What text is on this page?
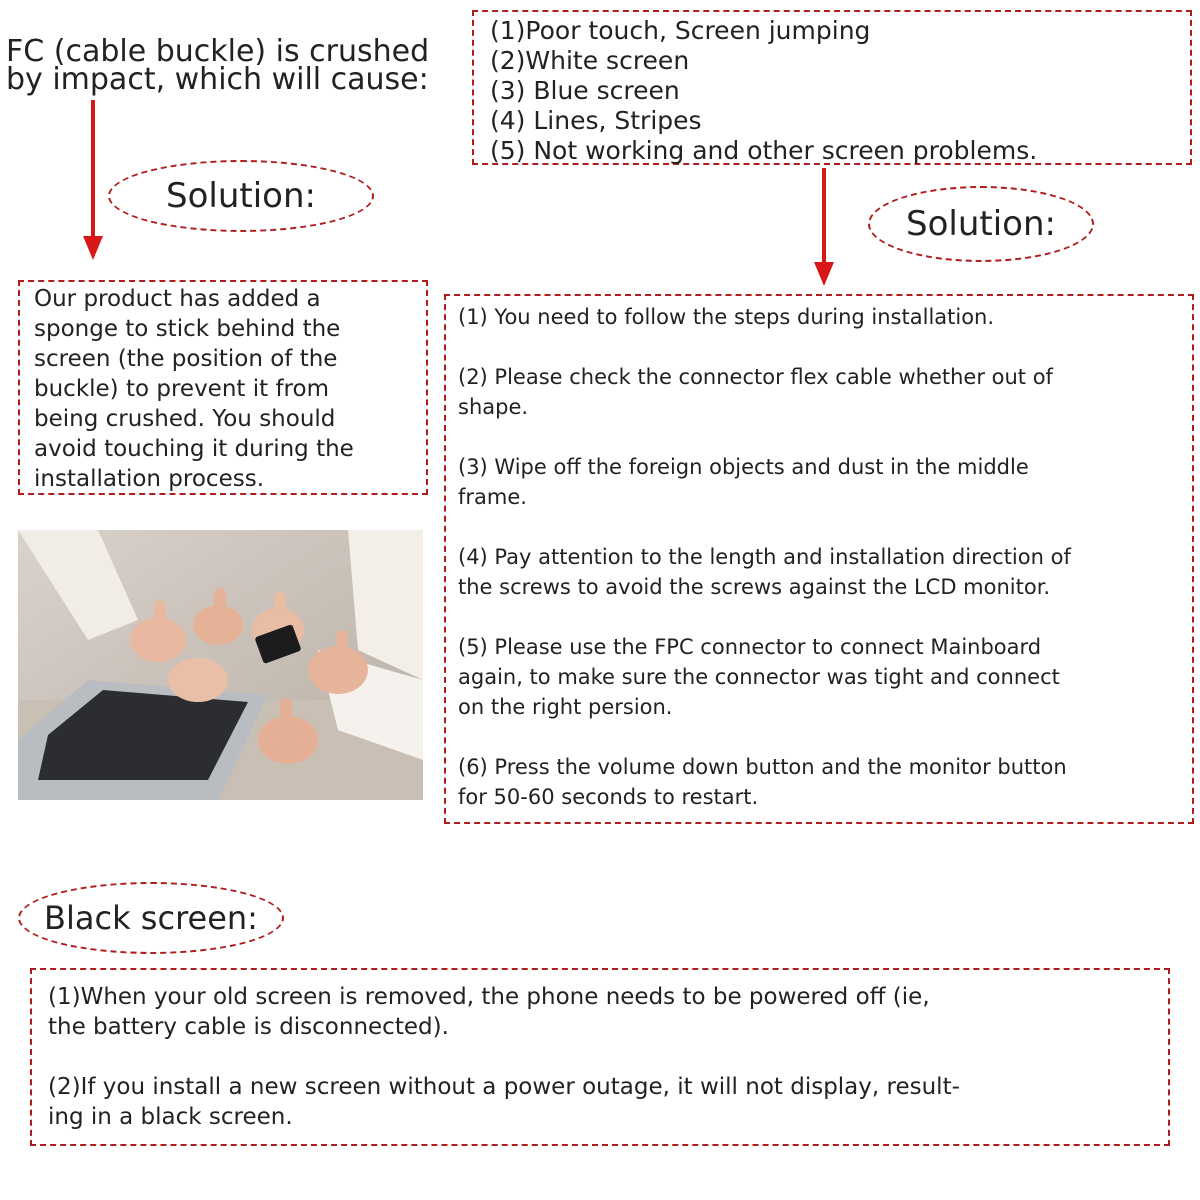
FC (cable buckle) is crushed
by impact, which will cause:
(1)Poor touch, Screen jumping
(2)White screen
(3) Blue screen
(4) Lines, Stripes
(5) Not working and other screen problems.
Solution:
Solution:
Our product has added a
sponge to stick behind the
screen (the position of the
buckle) to prevent it from
being crushed. You should
avoid touching it during the
installation process.
(1) You need to follow the steps during installation.
(2) Please check the connector flex cable whether out of
shape.
(3) Wipe off the foreign objects and dust in the middle
frame.
(4) Pay attention to the length and installation direction of
the screws to avoid the screws against the LCD monitor.
(5) Please use the FPC connector to connect Mainboard
again, to make sure the connector was tight and connect
on the right persion.
(6) Press the volume down button and the monitor button
for 50-60 seconds to restart.
Black screen:
(1)When your old screen is removed, the phone needs to be powered off (ie,
the battery cable is disconnected).
(2)If you install a new screen without a power outage, it will not display, result-
ing in a black screen.
